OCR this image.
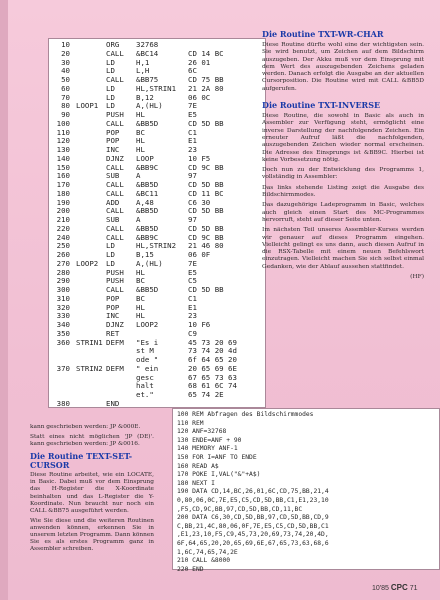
10	ORG	32768
20	CALL	&BC14	CD 14 BC
30	LD	H,1	26 01
40	LD	L,H	6C
50	CALL	&BB75	CD 75 BB
60	LD	HL,STRIN1	21 2A 80
70	LD	B,12	06 0C
80 LOOP1	LD	A,(HL)	7E
90	PUSH	HL	E5
100	CALL	&BB5D	CD 5D BB
110	POP	BC	C1
120	POP	HL	E1
130	INC	HL	23
140	DJNZ	LOOP	10 F5
150	CALL	&BB9C	CD 9C BB
160	SUB	A	97
170	CALL	&BB5D	CD 5D BB
180	CALL	&BC11	CD 11 BC
190	ADD	A,48	C6 30
200	CALL	&BB5D	CD 5D BB
210	SUB	A	97
220	CALL	&BB5D	CD 5D BB
240	CALL	&BB9C	CD 9C BB
250	LD	HL,STRIN2	21 46 80
260	LD	B,15	06 0F
270 LOOP2	LD	A,(HL)	7E
280	PUSH	HL	E5
290	PUSH	BC	C5
300	CALL	&BB5D	CD 5D BB
310	POP	BC	C1
320	POP	HL	E1
330	INC	HL	23
340	DJNZ	LOOP2	10 F6
350	RET	C9
360 STRIN1 DEFM	"Es i	45 73 20 69
st M	73 74 20 4d
ode "	6f 64 65 20
370 STRIN2 DEFM	" ein	20 65 69 6E
gesc	67 65 73 63
halt	68 61 6C 74
et."	65 74 2E
380	END
Die Routine TXT-WR-CHAR

Diese Routine dürfte wohl eine der wichtigsten sein. Sie wird benutzt, um Zeichen auf dem Bildschirm auszugeben. Der Akku muß vor dem Einsprung mit dem Wert des auszugebenden Zeichens geladen werden. Danach erfolgt die Ausgabe an der aktuellen Cursorposition. Die Routine wird mit CALL &BB5D aufgerufen.

Die Routine TXT-INVERSE

Diese Routine, die sowohl in Basic als auch in Assembler zur Verfügung steht, ermöglicht eine inverse Darstellung der nachfolgenden Zeichen. Ein erneuter Aufruf läßt die nachfolgenden, auszugebenden Zeichen wieder normal erscheinen. Die Adresse des Einsprungs ist &BB9C. Hierbei ist keine Vorbesetzung nötig.

Doch nun zu der Entwicklung des Programms 1, vollständig in Assembler:

Das links stehende Listing zeigt die Ausgabe des Bildschirmmodes.

Das dazugehörige Ladeprogramm in Basic, welches auch gleich einen Start des MC-Programmes hervorruft, steht auf dieser Seite unten.

Im nächsten Teil unseres Assembler-Kurses werden wir genauer auf dieses Programm eingehen. Vielleicht gelingt es uns dann, auch diesen Aufruf in die RSX-Tabelle mit einem neuen Befehlswort einzutragen. Vielleicht machen Sie sich selbst einmal Gedanken, wie der Ablauf aussehen stattfindet.

(HF)

kann geschrieben werden: JP &000E.

Statt eines nicht möglichen 'JP (DE)'. kann geschrieben werden: JP &0016.

Die Routine TEXT-SET-CURSOR

Diese Routine arbeitet, wie ein LOCATE, in Basic. Dabei muß vor dem Einsprung das H-Register die X-Koordinate beinhalten und das L-Register die Y-Koordinate. Nun braucht nur noch ein CALL &BB75 ausgeführt werden.

Wie Sie diese und die weiteren Routinen anwenden können, erkennen Sie in unserem letzten Programm. Dann können Sie es als erstes Programm ganz in Assembler schreiben.

100 REM Abfragen des Bildschirmmodes
110 REM
120 ANF=32768
130 ENDE=ANF + 90
140 MEMORY ANF-1
150 FOR I=ANF TO ENDE
160 READ A$
170 POKE I,VAL("&"+A$)
180 NEXT I
190 DATA CD,14,BC,26,01,6C,CD,75,BB,21,4
0,80,06,0C,7E,E5,C5,CD,5D,BB,C1,E1,23,10
,F5,CD,9C,BB,97,CD,5D,BB,CD,11,BC
200 DATA C6,30,CD,5D,BB,97,CD,5D,BB,CD,9
C,BB,21,4C,80,06,0F,7E,E5,C5,CD,5D,BB,C1
,E1,23,10,F5,C9,45,73,20,69,73,74,20,4D,
6F,64,65,20,20,65,69,6E,67,65,73,63,68,6
1,6C,74,65,74,2E
210 CALL &8000
220 END
10'85 CPC 71
